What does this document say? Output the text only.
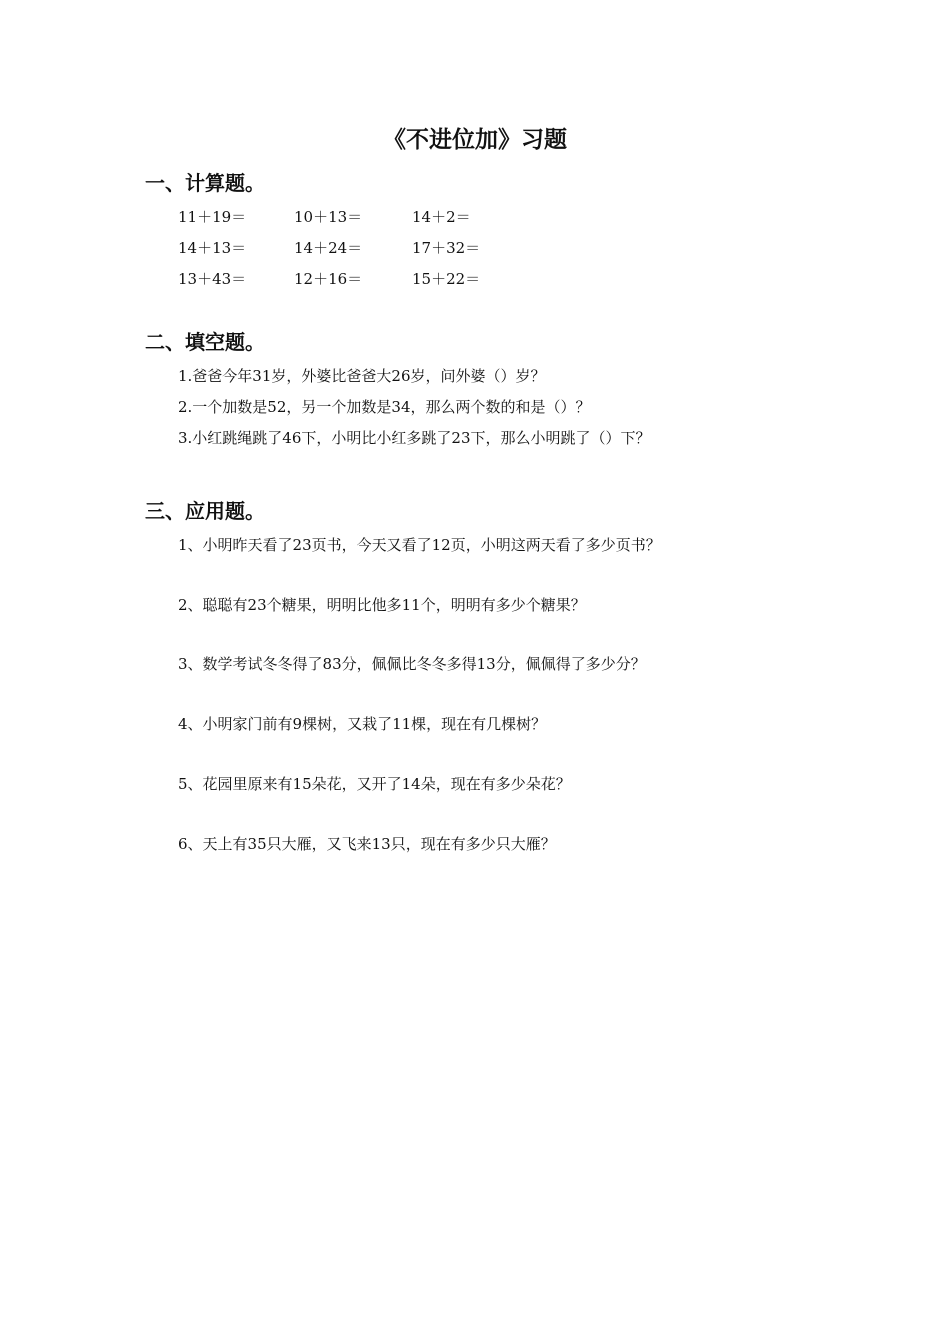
《不进位加》习题
一、计算题。
11＋19＝	10＋13＝	14＋2＝
14＋13＝	14＋24＝	17＋32＝
13＋43＝	12＋16＝	15＋22＝
二、填空题。
1.爸爸今年31岁，外婆比爸爸大26岁，问外婆（）岁？
2.一个加数是52，另一个加数是34，那么两个数的和是（）？
3.小红跳绳跳了46下，小明比小红多跳了23下，那么小明跳了（）下？
三、应用题。
1、小明昨天看了23页书，今天又看了12页，小明这两天看了多少页书？
2、聪聪有23个糖果，明明比他多11个，明明有多少个糖果？
3、数学考试冬冬得了83分，佩佩比冬冬多得13分，佩佩得了多少分？
4、小明家门前有9棵树，又栽了11棵，现在有几棵树？
5、花园里原来有15朵花，又开了14朵，现在有多少朵花？
6、天上有35只大雁，又飞来13只，现在有多少只大雁？
